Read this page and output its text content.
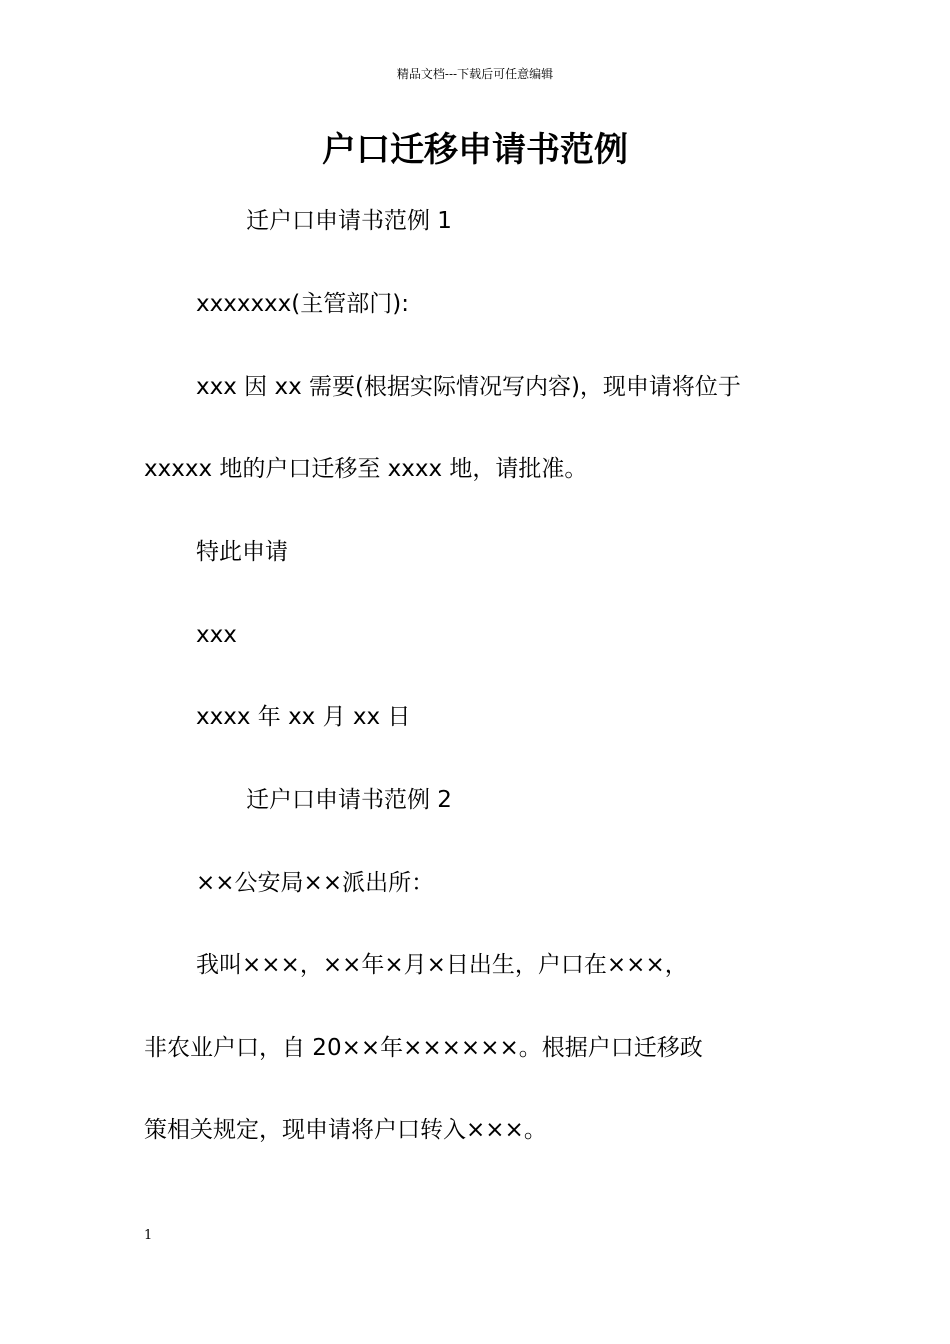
精品文档---下载后可任意编辑
户口迁移申请书范例
迁户口申请书范例 1
xxxxxxx(主管部门):
xxx 因 xx 需要(根据实际情况写内容)，现申请将位于
xxxxx 地的户口迁移至 xxxx 地，请批准。
特此申请
xxx
xxxx 年 xx 月 xx 日
迁户口申请书范例 2
××公安局××派出所：
我叫×××，××年×月×日出生，户口在×××，
非农业户口，自 20××年××××××。根据户口迁移政
策相关规定，现申请将户口转入×××。
1
